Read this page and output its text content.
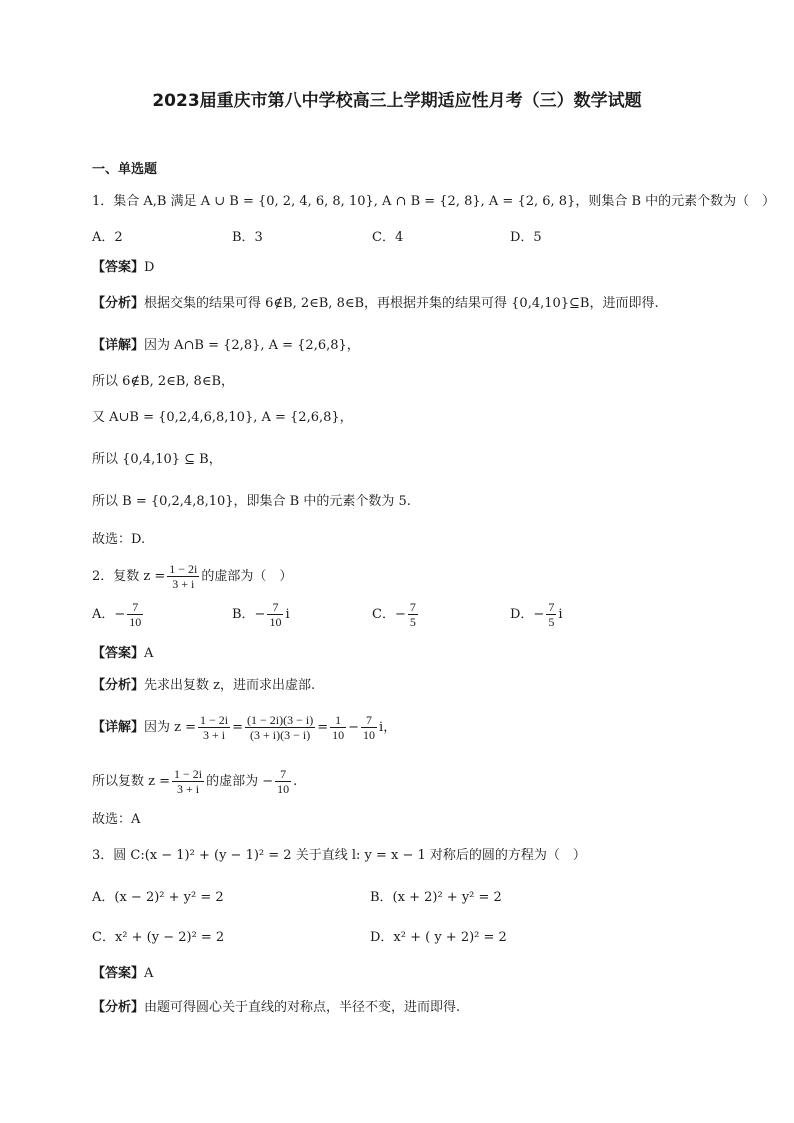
2023届重庆市第八中学校高三上学期适应性月考（三）数学试题
一、单选题
1．集合 A,B 满足 A ∪ B = {0, 2, 4, 6, 8, 10}, A ∩ B = {2, 8}, A = {2, 6, 8}，则集合 B 中的元素个数为（　）
A．2	B．3	C．4	D．5
【答案】D
【分析】根据交集的结果可得 6∉B, 2∈B, 8∈B，再根据并集的结果可得 {0,4,10}⊆B，进而即得.
【详解】因为 A∩B = {2,8}, A = {2,6,8}，
所以 6∉B, 2∈B, 8∈B，
又 A∪B = {0,2,4,6,8,10}, A = {2,6,8}，
所以 {0,4,10} ⊆ B，
所以 B = {0,2,4,8,10}，即集合 B 中的元素个数为 5.
故选：D.
2．复数 $z = \frac{1 - 2i}{3 + i}$ 的虚部为（　）
A．− $\frac{7}{10}$	B．− $\frac{7}{10}$ i	C．− $\frac{7}{5}$	D．− $\frac{7}{5}$ i
【答案】A
【分析】先求出复数 z，进而求出虚部.
【详解】因为 $z = \frac{1 - 2i}{3 + i} = \frac{(1 - 2i)(3 - i)}{(3 + i)(3 - i)} = \frac{1}{10} - \frac{7}{10}$ i，
所以复数 $z = \frac{1 - 2i}{3 + i}$ 的虚部为 − $\frac{7}{10}$ .
故选：A
3．圆 C:(x − 1)² + (y − 1)² = 2 关于直线 l: y = x − 1 对称后的圆的方程为（　）
A．(x − 2)² + y² = 2	B．(x + 2)² + y² = 2
C．x² + (y − 2)² = 2	D．x² + ( y + 2)² = 2
【答案】A
【分析】由题可得圆心关于直线的对称点，半径不变，进而即得.
